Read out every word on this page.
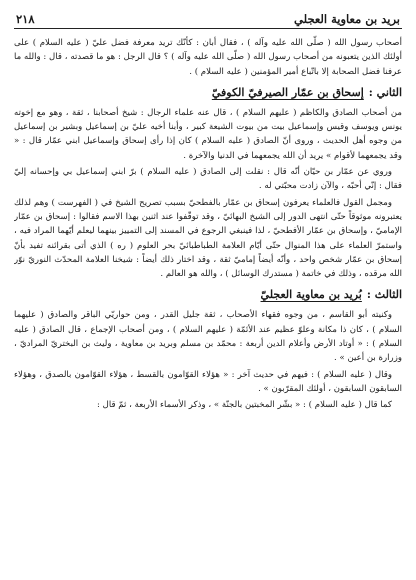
بريد بن معاوية العجلي
٢١٨

أصحاب رسول الله ( صلّى الله عليه وآله ) ، فقال أبان : كأنّك تريد معرفة فضل عليّ ( عليه السلام ) على أولئك الذين يتعبونه من أصحاب رسول الله ( صلّى الله عليه وآله ) ؟ قال الرجل : هو ما قصدته ، قال : والله ما عرفنا فضل الصحابة إلا باتّباع أمير المؤمنين ( عليه السلام ) .

الثاني :
إسحاق بن عمّار الصيرفيّ الكوفيّ

من أصحاب الصادق والكاظم ( عليهم السلام ) ، قال عنه علماء الرجال : شيخ أصحابنا ، ثقة ، وهو مع إخوته يونس ويوسف وقيس وإسماعيل بيت من بيوت الشيعة كبير ، وأبنا أخيه عليّ بن إسماعيل وبشير بن إسماعيل من وجوه أهل الحديث ، وروى أنّ الصادق ( عليه السلام ) كان إذا رأى إسحاق وإسماعيل ابني عمّار قال : « وقد يجمعهما لأقوام » يريد أن الله يجمعهما في الدنيا والآخرة .

وروي عن عمّار بن حيّان أنّه قال : نقلت إلى الصادق ( عليه السلام ) برّ ابني إسماعيل بي وإحسانه إليّ فقال : إنّي أحبّه ، والآن زادت محبّتي له .

ومجمل القول فالعلماء يعرفون إسحاق بن عمّار بالفطحيّ بسبب تصريح الشيخ في ( الفهرست ) وهم لذلك يعتبرونه موثوقاً حتّى انتهى الدور إلى الشيخ البهائيّ ، وقد توقّفوا عند اثنين بهذا الاسم فقالوا : إسحاق بن عمّار الإماميّ ، وإسحاق بن عمّار الأفطحيّ ، لذا فينبغي الرجوع في المسند إلى التمييز بينهما ليعلم أيّهما المراد فيه ، واستمرّ العلماء على هذا المنوال حتّى أيّام العلامة الطباطبائيّ بحر العلوم ( ره ) الذي أتى بقرائنه تفيد بأنّ إسحاق بن عمّار شخص واحد ، وأنّه أيضاً إماميّ ثقة ، وقد اختار ذلك أيضاً : شيخنا العلامة المحدّث النوريّ نوّر الله مرقده ، وذلك في خاتمة ( مستدرك الوسائل ) ، والله هو العالم .

الثالث :
بُريد بن معاوية العجليّ

وكنيته أبو القاسم ، من وجوه فقهاء الأصحاب ، ثقة جليل القدر ، ومن حواريّي الباقر والصادق ( عليهما السلام ) ، كان ذا مكانة وعلوّ عظيم عند الأئمّة ( عليهم السلام ) ، ومن أصحاب الإجماع ، قال الصادق ( عليه السلام ) : « أوتاد الأرض وأعلام الدين أربعة : محمّد بن مسلم وبريد بن معاوية ، وليث بن البختريّ المراديّ ، وزرارة بن أعين » .

وقال ( عليه السلام ) : فيهم في حديث آخر : « هؤلاء القوّامون بالقسط ، هؤلاء القوّامون بالصدق ، وهؤلاء السابقون السابقون ، أولئك المقرّبون » .

كما قال ( عليه السلام ) : « بشّر المخبتين بالجنّة » ، وذكر الأسماء الأربعة ، ثمّ قال :
